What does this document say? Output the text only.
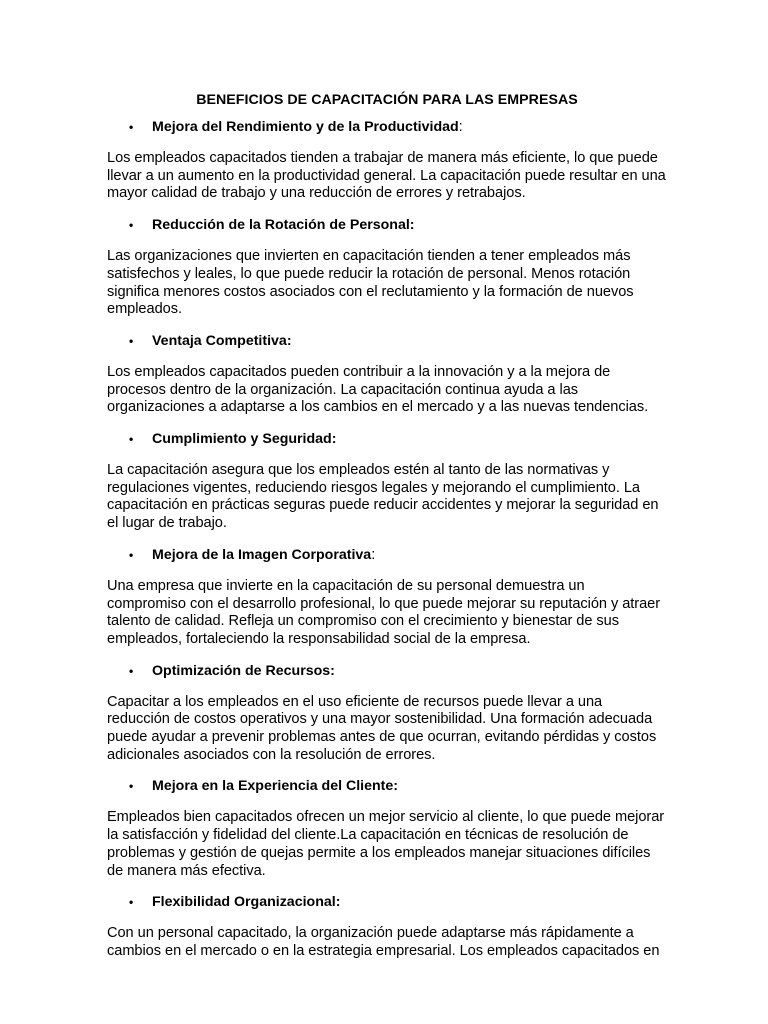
BENEFICIOS DE CAPACITACIÓN PARA LAS EMPRESAS
•	Mejora del Rendimiento y de la Productividad:
Los empleados capacitados tienden a trabajar de manera más eficiente, lo que puede llevar a un aumento en la productividad general. La capacitación puede resultar en una mayor calidad de trabajo y una reducción de errores y retrabajos.
•	Reducción de la Rotación de Personal:
Las organizaciones que invierten en capacitación tienden a tener empleados más satisfechos y leales, lo que puede reducir la rotación de personal. Menos rotación significa menores costos asociados con el reclutamiento y la formación de nuevos empleados.
•	Ventaja Competitiva:
Los empleados capacitados pueden contribuir a la innovación y a la mejora de procesos dentro de la organización. La capacitación continua ayuda a las organizaciones a adaptarse a los cambios en el mercado y a las nuevas tendencias.
•	Cumplimiento y Seguridad:
La capacitación asegura que los empleados estén al tanto de las normativas y regulaciones vigentes, reduciendo riesgos legales y mejorando el cumplimiento. La capacitación en prácticas seguras puede reducir accidentes y mejorar la seguridad en el lugar de trabajo.
•	Mejora de la Imagen Corporativa:
Una empresa que invierte en la capacitación de su personal demuestra un compromiso con el desarrollo profesional, lo que puede mejorar su reputación y atraer talento de calidad. Refleja un compromiso con el crecimiento y bienestar de sus empleados, fortaleciendo la responsabilidad social de la empresa.
•	Optimización de Recursos:
Capacitar a los empleados en el uso eficiente de recursos puede llevar a una reducción de costos operativos y una mayor sostenibilidad. Una formación adecuada puede ayudar a prevenir problemas antes de que ocurran, evitando pérdidas y costos adicionales asociados con la resolución de errores.
•	Mejora en la Experiencia del Cliente:
Empleados bien capacitados ofrecen un mejor servicio al cliente, lo que puede mejorar la satisfacción y fidelidad del cliente.La capacitación en técnicas de resolución de problemas y gestión de quejas permite a los empleados manejar situaciones difíciles de manera más efectiva.
•	Flexibilidad Organizacional:
Con un personal capacitado, la organización puede adaptarse más rápidamente a cambios en el mercado o en la estrategia empresarial. Los empleados capacitados en
